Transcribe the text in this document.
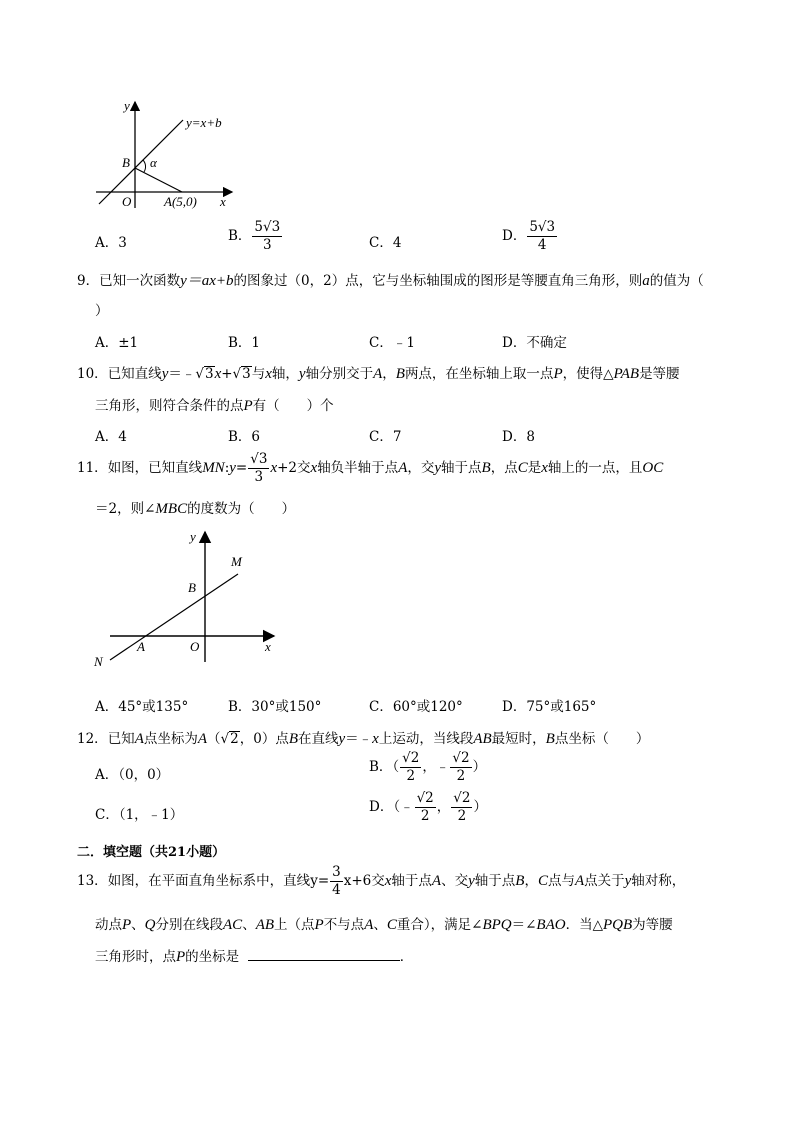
y
y=x+b
B α
O	A(5,0) x
A．3	B． $\frac{5√3}{3}$	C．4	D． $\frac{5√3}{4}$
9．已知一次函数y＝ax+b的图象过（0，2）点，它与坐标轴围成的图形是等腰直角三角形，则a的值为（
）
A．±1	B．1	C．﹣1	D．不确定
10．已知直线y＝﹣√3x+√3与x轴，y轴分别交于A，B两点，在坐标轴上取一点P，使得△PAB是等腰
三角形，则符合条件的点P有（　　）个
A．4	B．6	C．7	D．8
11．如图，已知直线MN:y= $\frac{√3}{3} x+2$交x轴负半轴于点A，交y轴于点B，点C是x轴上的一点，且OC
＝2，则∠MBC的度数为（　　）
y
M
B
A	O	x
N
A．45°或135°	B．30°或150°	C．60°或120°	D．75°或165°
12．已知A点坐标为A（√2，0）点B在直线y＝﹣x上运动，当线段AB最短时，B点坐标（　　）
A．（0，0）	B．（ $\frac{√2}{2}$ ，﹣ $\frac{√2}{2}$ ）
C．（1，﹣1）	D．（﹣ $\frac{√2}{2}$ ， $\frac{√2}{2}$ ）
二．填空题（共21小题）
13．如图，在平面直角坐标系中，直线$y= \frac{3}{4} x+6$交x轴于点A、交y轴于点B，C点与A点关于y轴对称，
动点P、Q分别在线段AC、AB上（点P不与点A、C重合），满足∠BPQ＝∠BAO．当△PQB为等腰
三角形时，点P的坐标是	．
